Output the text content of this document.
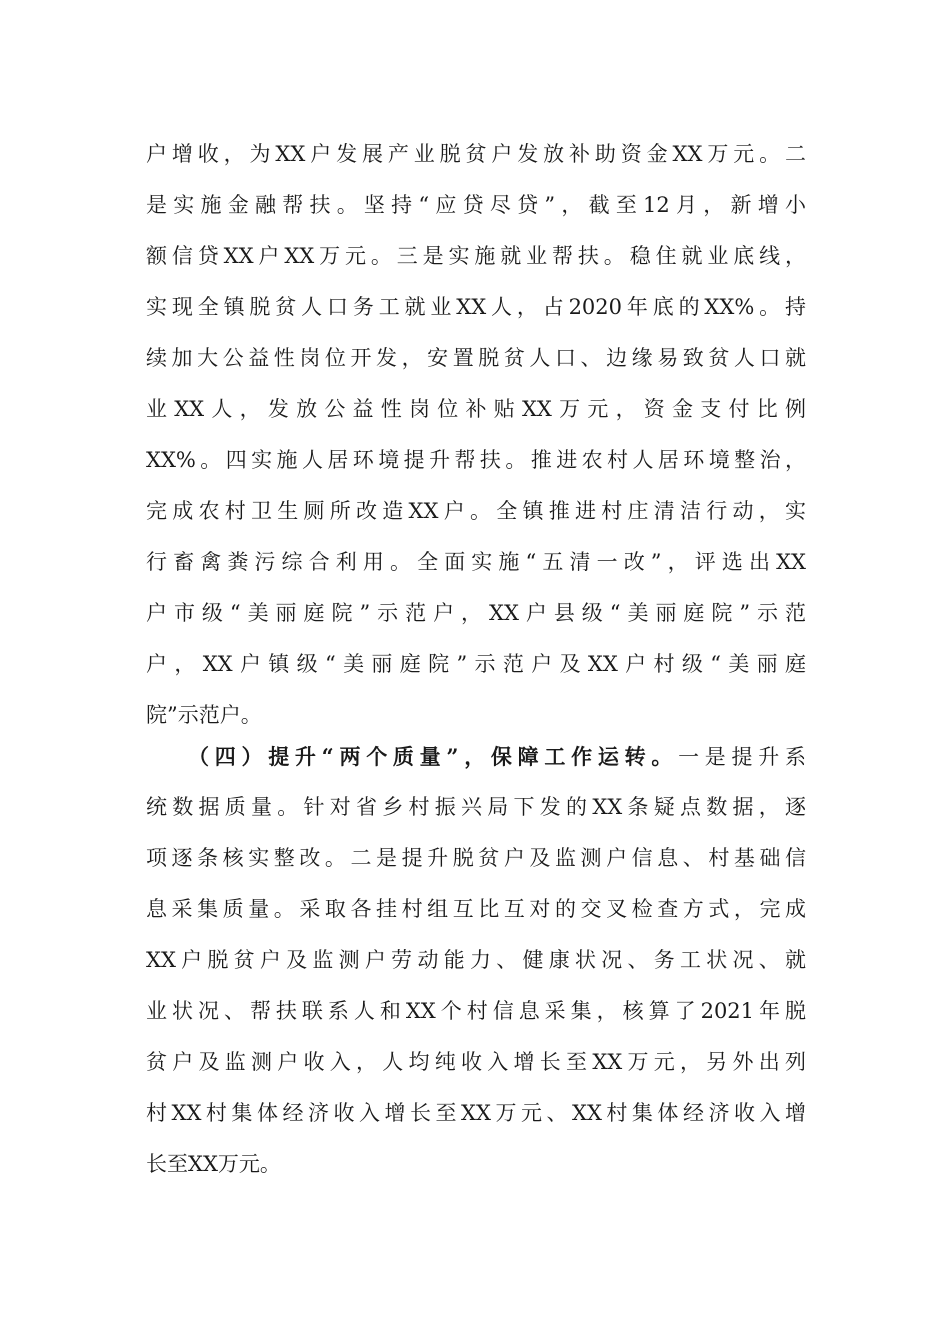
户增收，为XX户发展产业脱贫户发放补助资金XX万元。二
是实施金融帮扶。坚持“应贷尽贷”，截至12月，新增小
额信贷XX户XX万元。三是实施就业帮扶。稳住就业底线，
实现全镇脱贫人口务工就业XX人，占2020年底的XX%。持
续加大公益性岗位开发，安置脱贫人口、边缘易致贫人口就
业XX人，发放公益性岗位补贴XX万元，资金支付比例
XX%。四实施人居环境提升帮扶。推进农村人居环境整治，
完成农村卫生厕所改造XX户。全镇推进村庄清洁行动，实
行畜禽粪污综合利用。全面实施“五清一改”，评选出XX
户市级“美丽庭院”示范户，XX户县级“美丽庭院”示范
户，XX户镇级“美丽庭院”示范户及XX户村级“美丽庭
院”示范户。
（四）提升“两个质量”，保障工作运转。一是提升系
统数据质量。针对省乡村振兴局下发的XX条疑点数据，逐
项逐条核实整改。二是提升脱贫户及监测户信息、村基础信
息采集质量。采取各挂村组互比互对的交叉检查方式，完成
XX户脱贫户及监测户劳动能力、健康状况、务工状况、就
业状况、帮扶联系人和XX个村信息采集，核算了2021年脱
贫户及监测户收入，人均纯收入增长至XX万元，另外出列
村XX村集体经济收入增长至XX万元、XX村集体经济收入增
长至XX万元。
